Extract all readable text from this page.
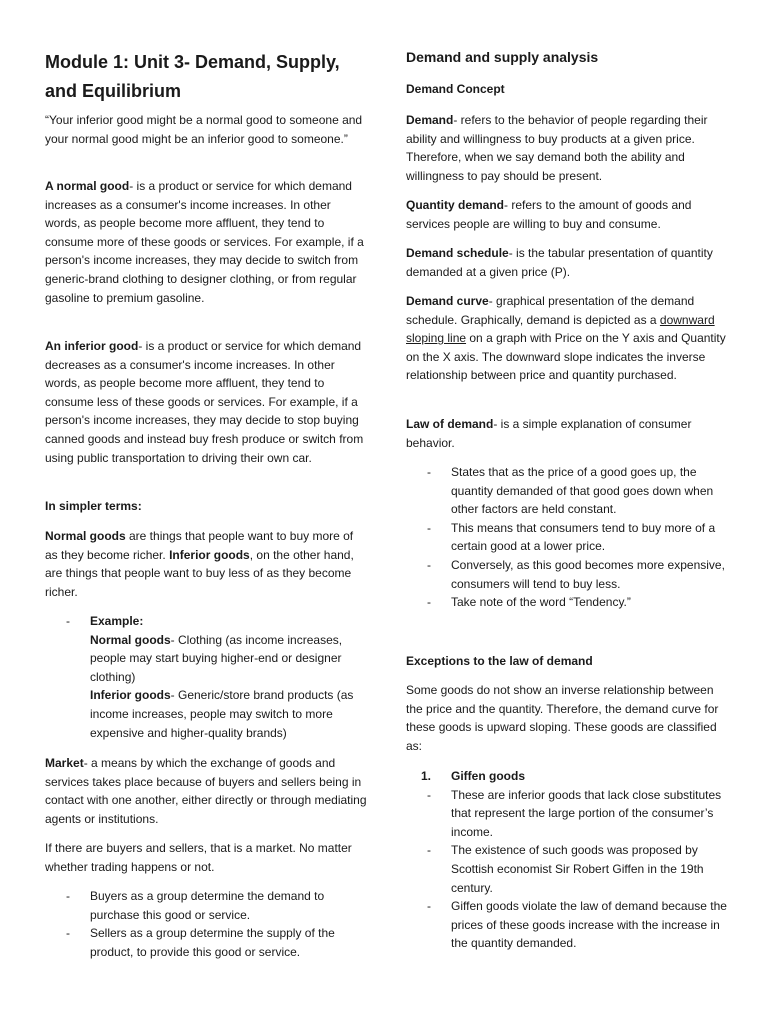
Module 1: Unit 3- Demand, Supply, and Equilibrium

“Your inferior good might be a normal good to someone and your normal good might be an inferior good to someone.”

A normal good- is a product or service for which demand increases as a consumer's income increases. In other words, as people become more affluent, they tend to consume more of these goods or services. For example, if a person's income increases, they may decide to switch from generic-brand clothing to designer clothing, or from regular gasoline to premium gasoline.

An inferior good- is a product or service for which demand decreases as a consumer's income increases. In other words, as people become more affluent, they tend to consume less of these goods or services. For example, if a person's income increases, they may decide to stop buying canned goods and instead buy fresh produce or switch from using public transportation to driving their own car.

In simpler terms:

Normal goods are things that people want to buy more of as they become richer. Inferior goods, on the other hand, are things that people want to buy less of as they become richer.

- Example:
Normal goods- Clothing (as income increases, people may start buying higher-end or designer clothing)
Inferior goods- Generic/store brand products (as income increases, people may switch to more expensive and higher-quality brands)

Market- a means by which the exchange of goods and services takes place because of buyers and sellers being in contact with one another, either directly or through mediating agents or institutions.

If there are buyers and sellers, that is a market. No matter whether trading happens or not.

- Buyers as a group determine the demand to purchase this good or service.
- Sellers as a group determine the supply of the product, to provide this good or service.
Demand and supply analysis
Demand Concept

Demand- refers to the behavior of people regarding their ability and willingness to buy products at a given price. Therefore, when we say demand both the ability and willingness to pay should be present.

Quantity demand- refers to the amount of goods and services people are willing to buy and consume.

Demand schedule- is the tabular presentation of quantity demanded at a given price (P).

Demand curve- graphical presentation of the demand schedule. Graphically, demand is depicted as a downward sloping line on a graph with Price on the Y axis and Quantity on the X axis. The downward slope indicates the inverse relationship between price and quantity purchased.

Law of demand- is a simple explanation of consumer behavior.

- States that as the price of a good goes up, the quantity demanded of that good goes down when other factors are held constant.
- This means that consumers tend to buy more of a certain good at a lower price.
- Conversely, as this good becomes more expensive, consumers will tend to buy less.
- Take note of the word “Tendency.”

Exceptions to the law of demand

Some goods do not show an inverse relationship between the price and the quantity. Therefore, the demand curve for these goods is upward sloping. These goods are classified as:

1. Giffen goods
- These are inferior goods that lack close substitutes that represent the large portion of the consumer’s income.
- The existence of such goods was proposed by Scottish economist Sir Robert Giffen in the 19th century.
- Giffen goods violate the law of demand because the prices of these goods increase with the increase in the quantity demanded.
